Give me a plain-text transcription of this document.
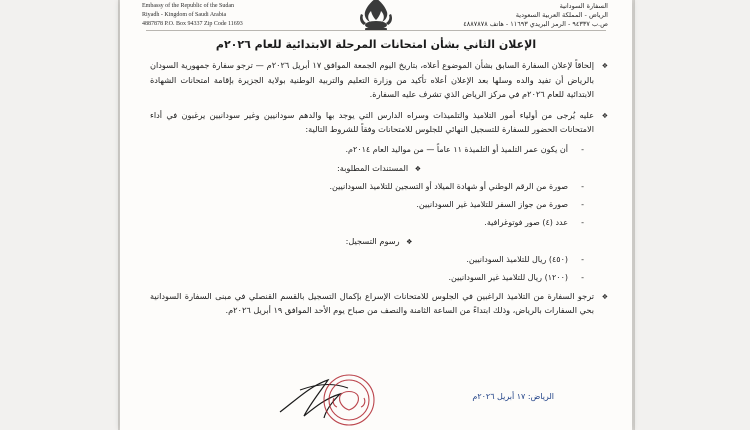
السفارة السودانية
الرياض - المملكة العربية السعودية
ص.ب ٩٤٣٣٧ - الرمز البريدي ١١٦٩٣ - هاتف ٤٨٨٧٨٧٨
Embassy of the Republic of the Sudan
Riyadh - Kingdom of Saudi Arabia
4887878 P.O. Box 94337 Zip Code 11693
الإعلان الثاني بشأن امتحانات المرحلة الابتدائية للعام ٢٠٢٦م
❖
إلحاقاً لإعلان السفارة السابق بشأن الموضوع أعلاه، بتاريخ اليوم الجمعة الموافق ١٧ أبريل ٢٠٢٦م — ترجو سفارة جمهورية السودان بالرياض أن تفيد والده وسلها بعد الإعلان أعلاه تأكيد من وزارة التعليم والتربية الوطنية بولاية الجزيرة بإقامة امتحانات الشهادة الابتدائية للعام ٢٠٢٦م في مركز الرياض الذي تشرف عليه السفارة.
❖
عليه يُرجى من أولياء أمور التلاميذ والتلميذات وسراه الدارس التي يوجد بها والدهم سودانيين وغير سودانيين يرغبون في أداء الامتحانات الحضور للسفارة للتسجيل النهائي للجلوس للامتحانات وفقاً للشروط التالية:
-
أن يكون عمر التلميذ أو التلميذة ١١ عاماً — من مواليد العام ٢٠١٤م.
❖ المستندات المطلوبة:
-
صورة من الرقم الوطني أو شهادة الميلاد أو التسجين للتلاميذ السودانيين.
-
صورة من جواز السفر للتلاميذ غير السودانيين.
-
عدد (٤) صور فوتوغرافية.
❖ رسوم التسجيل:
-
(٤٥٠) ريال للتلاميذ السودانيين.
-
(١٢٠٠) ريال للتلاميذ غير السودانيين.
❖
ترجو السفارة من التلاميذ الراغبين في الجلوس للامتحانات الإسراع بإكمال التسجيل بالقسم القنصلي في مبنى السفارة السودانية بحي السفارات بالرياض، وذلك ابتداءً من الساعة الثامنة والنصف من صباح يوم الأحد الموافق ١٩ أبريل ٢٠٢٦م.
الرياض: ١٧ أبريل ٢٠٢٦م
